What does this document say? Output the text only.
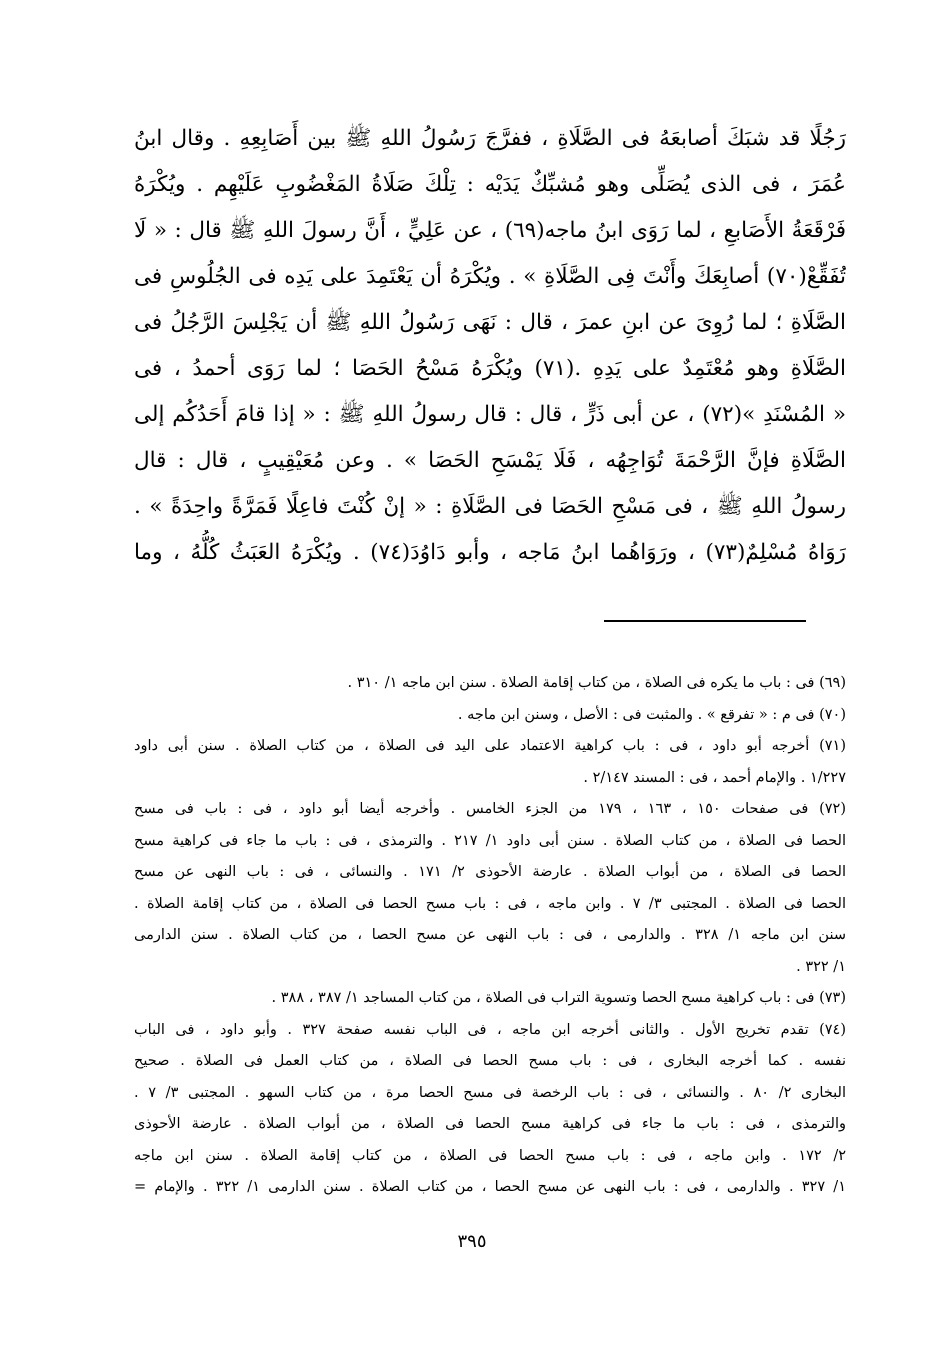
رَجُلًا قد شبَكَ أصابعَهُ فى الصَّلَاةِ ، ففرَّجَ رَسُولُ اللهِ ﷺ بين أَصَابِعِهِ . وقال ابنُ
عُمَرَ ، فى الذى يُصَلِّى وهو مُشبِّكٌ يَدَيْه : تِلْكَ صَلَاةُ المَغْضُوبِ عَلَيْهِم . ويُكْرَهُ
فَرْقَعَةُ الأَصَابعِ ، لما رَوَى ابنُ ماجه(٦٩) ، عن عَلِيٍّ ، أَنَّ رسولَ اللهِ ﷺ قال : « لَا
تُفَقِّعْ(٧٠) أصابِعَكَ وأَنْتَ فِى الصَّلَاةِ » . ويُكْرَهُ أن يَعْتَمِدَ على يَدِه فى الجُلُوسِ فى
الصَّلَاةِ ؛ لما رُوِىَ عن ابنِ عمرَ ، قال : نَهَى رَسُولُ اللهِ ﷺ أن يَجْلِسَ الرَّجُلُ فى
الصَّلَاةِ وهو مُعْتَمِدٌ على يَدِهِ .(٧١) ويُكْرَهُ مَسْحُ الحَصَا ؛ لما رَوَى أحمدُ ، فى
« المُسْنَدِ »(٧٢) ، عن أبى ذَرٍّ ، قال : قال رسولُ اللهِ ﷺ : « إذا قامَ أَحَدُكُم إلى
الصَّلَاةِ فإنَّ الرَّحْمَةَ تُوَاجِهُه ، فَلَا يَمْسَحِ الحَصَا » . وعن مُعَيْقِيبٍ ، قال : قال
رسولُ اللهِ ﷺ ، فى مَسْحِ الحَصَا فى الصَّلَاةِ : « إنْ كُنْتَ فاعِلًا فَمَرَّةً واحِدَةً » .
رَوَاهُ مُسْلِمٌ(٧٣) ، ورَوَاهُما ابنُ مَاجه ، وأبو دَاوُدَ(٧٤) . ويُكْرَهُ العَبَثُ كُلُّهُ ، وما
(٦٩) فى : باب ما يكره فى الصلاة ، من كتاب إقامة الصلاة . سنن ابن ماجه ١/ ٣١٠ .
(٧٠) فى م : « تفرقع » . والمثبت فى : الأصل ، وسنن ابن ماجه .
(٧١) أخرجه أبو داود ، فى : باب كراهية الاعتماد على اليد فى الصلاة ، من كتاب الصلاة . سنن أبى داود
١/٢٢٧ . والإمام أحمد ، فى : المسند ٢/١٤٧ .
(٧٢) فى صفحات ١٥٠ ، ١٦٣ ، ١٧٩ من الجزء الخامس . وأخرجه أيضا أبو داود ، فى : باب فى مسح
الحصا فى الصلاة ، من كتاب الصلاة . سنن أبى داود ١/ ٢١٧ . والترمذى ، فى : باب ما جاء فى كراهية مسح
الحصا فى الصلاة ، من أبواب الصلاة . عارضة الأحوذى ٢/ ١٧١ . والنسائى ، فى : باب النهى عن مسح
الحصا فى الصلاة . المجتبى ٣/ ٧ . وابن ماجه ، فى : باب مسح الحصا فى الصلاة ، من كتاب إقامة الصلاة .
سنن ابن ماجه ١/ ٣٢٨ . والدارمى ، فى : باب النهى عن مسح الحصا ، من كتاب الصلاة . سنن الدارمى
١/ ٣٢٢ .
(٧٣) فى : باب كراهية مسح الحصا وتسوية التراب فى الصلاة ، من كتاب المساجد ١/ ٣٨٧ ، ٣٨٨ .
(٧٤) تقدم تخريج الأول . والثانى أخرجه ابن ماجه ، فى الباب نفسه صفحة ٣٢٧ . وأبو داود ، فى الباب
نفسه . كما أخرجه البخارى ، فى : باب مسح الحصا فى الصلاة ، من كتاب العمل فى الصلاة . صحيح
البخارى ٢/ ٨٠ . والنسائى ، فى : باب الرخصة فى مسح الحصا مرة ، من كتاب السهو . المجتبى ٣/ ٧ .
والترمذى ، فى : باب ما جاء فى كراهية مسح الحصا فى الصلاة ، من أبواب الصلاة . عارضة الأحوذى
٢/ ١٧٢ . وابن ماجه ، فى : باب مسح الحصا فى الصلاة ، من كتاب إقامة الصلاة . سنن ابن ماجه
١/ ٣٢٧ . والدارمى ، فى : باب النهى عن مسح الحصا ، من كتاب الصلاة . سنن الدارمى ١/ ٣٢٢ . والإمام =
٣٩٥
